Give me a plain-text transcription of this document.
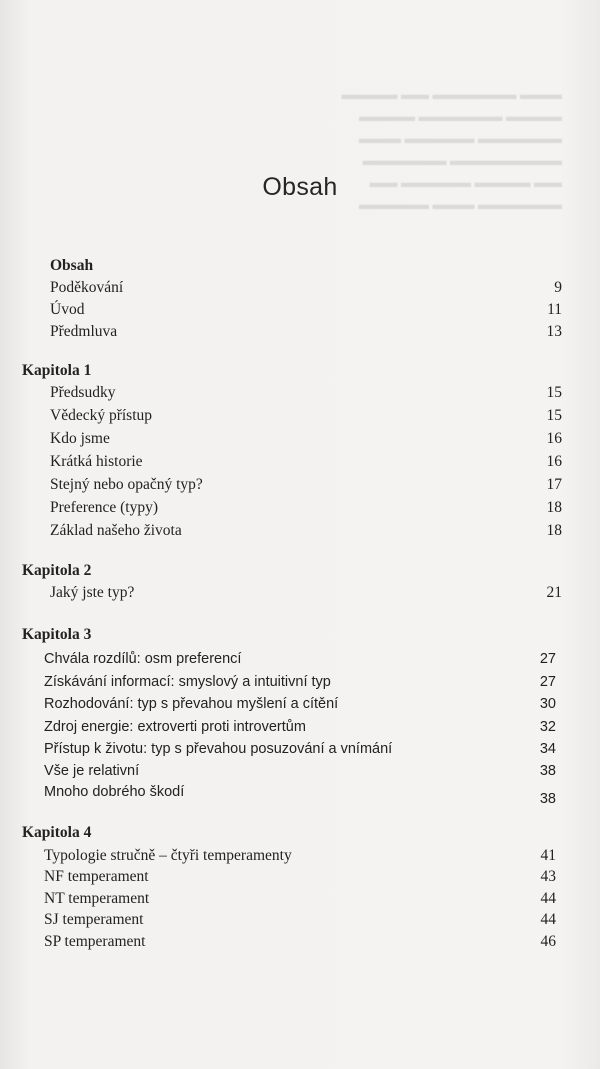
▬▬▬▬ ▬▬ ▬▬▬▬▬▬ ▬▬▬
▬▬▬▬ ▬▬▬▬▬▬ ▬▬▬▬
▬▬▬ ▬▬▬▬▬ ▬▬▬▬▬▬
▬▬▬▬▬▬ ▬▬▬▬▬▬▬▬
▬▬ ▬▬▬▬▬ ▬▬▬▬ ▬▬
▬▬▬▬▬ ▬▬▬ ▬▬▬▬▬▬
Obsah
Obsah
Poděkování	9
Úvod	11
Předmluva	13
Kapitola 1
Předsudky	15
Vědecký přístup	15
Kdo jsme	16
Krátká historie	16
Stejný nebo opačný typ?	17
Preference (typy)	18
Základ našeho života	18
Kapitola 2
Jaký jste typ?	21
Kapitola 3
Chvála rozdílů: osm preferencí	27
Získávání informací: smyslový a intuitivní typ	27
Rozhodování: typ s převahou myšlení a cítění	30
Zdroj energie: extroverti proti introvertům	32
Přístup k životu: typ s převahou posuzování a vnímání	34
Vše je relativní	38
Mnoho dobrého škodí	38
Kapitola 4
Typologie stručně – čtyři temperamenty	41
NF temperament	43
NT temperament	44
SJ temperament	44
SP temperament	46
